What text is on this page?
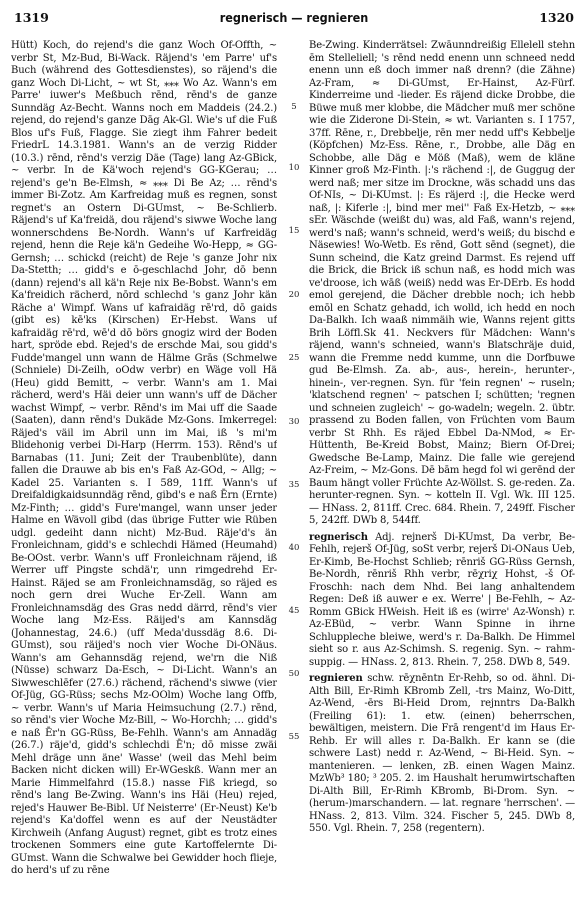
1319	regnerisch — regnieren	1320

Hütt) Koch, do rejend's die ganz Woch Of-Offth, ~ verbr St, Mz-Bud, Bi-Wack. Räjend's 'em Parre' uf's Buch (während des Gottesdienstes), so räjend's die ganz Woch Di-Licht, ~ wt St, ⁎⁎⁎ Wo Az. Wann's em Parre' iuwer's Meßbuch rēnd, rēnd's de ganze Sunndäg Az-Becht. Wanns noch em Maddeis (24.2.) rejend, do rejend's ganze Dāg Ak-Gl. Wie's uf die Fuß Blos uf's Fuß, Flagge. Sie ziegt ihm Fahrer bedeit FriedrL 14.3.1981. Wann's an de verzig Ridder (10.3.) rēnd, rēnd's verzig Däe (Tage) lang Az-GBick, ~ verbr. In de Kä'woch rejend's GG-KGerau; … rejend's ge'n Be-Elmsh, ≈ ⁎⁎⁎ Di Be Az; … rēnd's immer Bi-Zotz. Am Karfreidag muß es regnen, sonst regnet's an Ostern Di-GUmst, ~ Be-Schlierb. Räjend's uf Ka'freidä, dou räjend's siwwe Woche lang wonnerschdens Be-Nordh. Wann's uf Karfreidäg rejend, henn die Reje kä'n Gedeihe Wo-Hepp, ≈ GG-Gernsh; … schickd (reicht) de Reje 's ganze Johr nix Da-Stetth; … gidd's e ō-geschlachd Johr, dō benn (dann) rejend's all kä'n Reje nix Be-Bobst. Wann's em Ka'freidich rächerd, nōrd schlechd 's ganz Johr kän Räche a' Wimpf. Wans uf kafraidäg rē'rd, dō gaids (gibt es) kē'ks (Kirschen) Er-Hebst. Wans uf kafraidäg rē'rd, wē'd dō börs gnogiz wird der Boden hart, spröde ebd. Rejed's de erschde Mai, sou gidd's Fudde'mangel unn wann de Hälme Grās (Schmelwe (Schniele) Di-Zeilh, oOdw verbr) en Wäge voll Hä (Heu) gidd Bemitt, ~ verbr. Wann's am 1. Mai rächerd, werd's Häi deier unn wann's uff de Dächer wachst Wimpf, ~ verbr. Rēnd's im Mai uff die Saade (Saaten), dann rēnd's Dukäde Mz-Gons. Imkerregel: Räjed's väil im Abril unn im Mai, iß 's mi'm Blidehonig verbei Di-Harp (Herrm. 153). Rēnd's uf Barnabas (11. Juni; Zeit der Traubenblüte), dann fallen die Drauwe ab bis en's Faß Az-GOd, ~ Allg; ~ Kadel 25. Varianten s. I 589, 11ff. Wann's uf Dreifaldigkaidsunndäg rēnd, gibd's e naß Ērn (Ernte) Mz-Finth; … gidd's Fure'mangel, wann unser jeder Halme en Wävoll gibd (das übrige Futter wie Rüben udgl. gedeiht dann nicht) Mz-Bud. Räje'd's än Fronleichnam, gidd's e schlechdi Hämed (Heumahd) Be-OOst. verbr. Wann's uff Fronleichnam räjend, iß Werrer uff Pingste schdä'r, unn rimgedrehd Er-Hainst. Räjed se am Fronleichnamsdäg, so räjed es noch gern drei Wuche Er-Zell. Wann am Fronleichnamsdäg des Gras nedd därrd, rēnd's vier Woche lang Mz-Ess. Räijed's am Kannsdäg (Johannestag, 24.6.) (uff Meda'dussdäg 8.6. Di-GUmst), sou räijed's noch vier Woche Di-ONäus. Wann's am Gehannsdäg rejend, we'rn die Niß (Nüsse) schwarz Da-Esch, ~ Di-Licht. Wann's an Siwweschlēfer (27.6.) rächend, rächend's siwwe (vier Of-Jüg, GG-Rüss; sechs Mz-OOlm) Woche lang Offb, ~ verbr. Wann's uf Maria Heimsuchung (2.7.) rēnd, so rēnd's vier Woche Mz-Bill, ~ Wo-Horchh; … gidd's e naß Ēr'n GG-Rüss, Be-Fehlh. Wann's am Annadäg (26.7.) räje'd, gidd's schlechdi Ē'n; dō misse zwäi Mehl dräge unn äne' Wasse' (weil das Mehl beim Backen nicht dicken will) Er-WGeskß. Wann mer an Marie Himmelfahrd (15.8.) nasse Fiß kriegd, so rēnd's lang Be-Zwing. Wann's ins Häi (Heu) rejed, rejed's Hauwer Be-Bibl. Uf Neisterre' (Er-Neust) Ke'b rejend's Ka'doffel wenn es auf der Neustädter Kirchweih (Anfang August) regnet, gibt es trotz eines trockenen Sommers eine gute Kartoffelernte Di-GUmst. Wann die Schwalwe bei Gewidder hoch flieje, do herd's uf zu rēne

5
10
15
20
25
30
35
40
45
50
55

Be-Zwing. Kinderrätsel: Zwāunndreißig Ellelell stehn ēm Stelleliell; 's rēnd nedd enenn unn schneed nedd enenn unn eß doch immer naß drenn? (die Zähne) Az-Fram, ≈ Di-GUmst, Er-Hainst, Az-Fürf. Kinderreime und -lieder. Es räjend dicke Drobbe, die Büwe muß mer klobbe, die Mädcher muß mer schöne wie die Ziderone Di-Stein, ≈ wt. Varianten s. I 1757, 37ff. Rēne, r., Drebbelje, rēn mer nedd uff's Kebbelje (Köpfchen) Mz-Ess. Rēne, r., Drobbe, alle Däg en Schobbe, alle Däg e Möß (Maß), wem de kläne Kinner groß Mz-Finth. |:'s rächend :|, de Guggug der werd naß; mer sitze im Drockne, wäs schadd uns das Of-NIs, ~ Di-KUmst. |: Es räjerd :|, die Hecke werd naß, |: Kiferle :|, bind mer mei'' Faß Ex-Hetzb, ~ ⁎⁎⁎ sEr. Wäschde (weißt du) was, ald Faß, wann's rejend, werd's naß; wann's schneid, werd's weiß; du bischd e Näsewies! Wo-Wetb. Es rēnd, Gott sēnd (segnet), die Sunn scheind, die Katz greind Darmst. Es rejend uff die Brick, die Brick iß schun naß, es hodd mich was ve'droose, ich wāß (weiß) nedd was Er-DErb. Es hodd emol gerejend, die Dächer drebble noch; ich hebb emōl en Schatz gehadd, ich wolld, ich hedd en noch Da-Balkh. Ich waaß nimmäih wie, Wanns rejent gitts Brih Löffl.Sk 41. Neckvers für Mädchen: Wann's räjend, wann's schneied, wann's Blatschräje duid, wann die Fremme nedd kumme, unn die Dorfbuwe gud Be-Elmsh. Za. ab-, aus-, herein-, herunter-, hinein-, ver-regnen. Syn. für 'fein regnen' ~ ruseln; 'klatschend regnen' ~ patschen I; schütten; 'regnen und schneien zugleich' ~ go-wadeln; wegeln. 2. übtr. prassend zu Boden fallen, von Früchten vom Baum verbr St Rhh. Es räjed Ebbel Da-NMod, ≈ Er-Hüttenth, Be-Kreid Bobst, Mainz; Biern Of-Drei; Gwedsche Be-Lamp, Mainz. Die falle wie gerejend Az-Freim, ~ Mz-Gons. Dē bām hegd fol wi gerēnd der Baum hängt voller Früchte Az-Wöllst. S. ge-reden. Za. herunter-regnen. Syn. ~ kotteln II. Vgl. Wk. III 125. — HNass. 2, 811ff. Crec. 684. Rhein. 7, 249ff. Fischer 5, 242ff. DWb 8, 544ff.

regnerisch Adj. rejnerš Di-KUmst, Da verbr, Be-Fehlh, rejerš Of-Jüg, soSt verbr, rejerš Di-ONaus Ueb, Er-Kimb, Be-Hochst Schlieb; rēnriš GG-Rüss Gernsh, Be-Nordh, rēnriš Rhh verbr, rēχriχ Hohst, -š Of-Froschh: nach dem Nhd. Bei lang anhaltendem Regen: Deß iß auwer e ex. Werre' | Be-Fehlh, ~ Az-Romm GBick HWeish. Heit iß es (wirre' Az-Wonsh) r. Az-EBüd, ~ verbr. Wann Spinne in ihrne Schluppleche bleiwe, werd's r. Da-Balkh. De Himmel sieht so r. aus Az-Schimsh. S. regenig. Syn. ~ rahm-suppig. — HNass. 2, 813. Rhein. 7, 258. DWb 8, 549.

regnieren schw. rēχnēntn Er-Rehb, so od. ähnl. Di-Alth Bill, Er-Rimh KBromb Zell, -trs Mainz, Wo-Ditt, Az-Wend, -ērs Bi-Heid Drom, rejnntrs Da-Balkh (Freiling 61): 1. etw. (einen) beherrschen, bewältigen, meistern. Die Frā rengent'd im Haus Er-Rehb. Er will alles r. Da-Balkh. Er kann se (die schwere Last) nedd r. Az-Wend, ~ Bi-Heid. Syn. ~ mantenieren. — lenken, zB. einen Wagen Mainz. MzWb³ 180; ³ 205. 2. im Haushalt herumwirtschaften Di-Alth Bill, Er-Rimh KBromb, Bi-Drom. Syn. ~ (herum-)marschandern. — lat. regnare 'herrschen'. — HNass. 2, 813. Vilm. 324. Fischer 5, 245. DWb 8, 550. Vgl. Rhein. 7, 258 (regentern).
